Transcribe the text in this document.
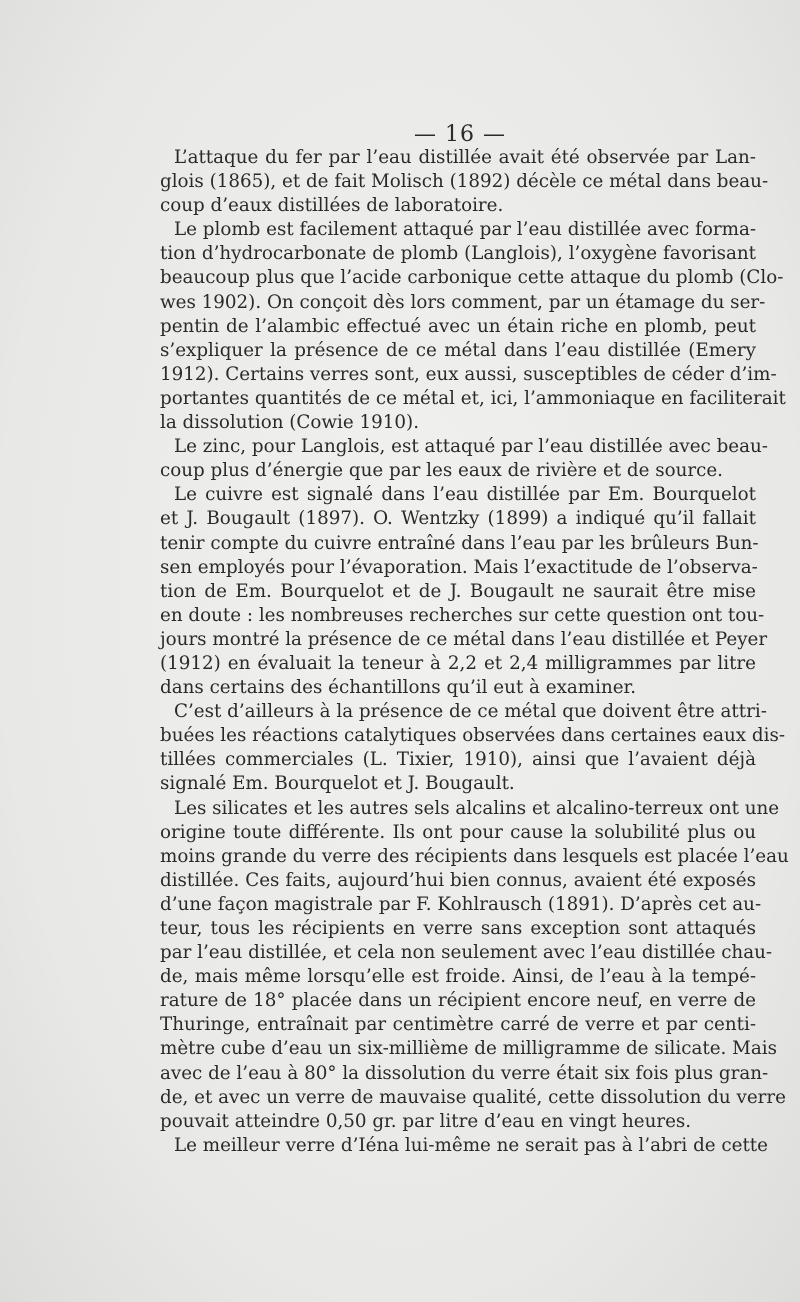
— 16 —

L’attaque du fer par l’eau distillée avait été observée par Lan-
glois (1865), et de fait Molisch (1892) décèle ce métal dans beau-
coup d’eaux distillées de laboratoire.

Le plomb est facilement attaqué par l’eau distillée avec forma-
tion d’hydrocarbonate de plomb (Langlois), l’oxygène favorisant
beaucoup plus que l’acide carbonique cette attaque du plomb (Clo-
wes 1902). On conçoit dès lors comment, par un étamage du ser-
pentin de l’alambic effectué avec un étain riche en plomb, peut
s’expliquer la présence de ce métal dans l’eau distillée (Emery
1912). Certains verres sont, eux aussi, susceptibles de céder d’im-
portantes quantités de ce métal et, ici, l’ammoniaque en faciliterait
la dissolution (Cowie 1910).

Le zinc, pour Langlois, est attaqué par l’eau distillée avec beau-
coup plus d’énergie que par les eaux de rivière et de source.

Le cuivre est signalé dans l’eau distillée par Em. Bourquelot
et J. Bougault (1897). O. Wentzky (1899) a indiqué qu’il fallait
tenir compte du cuivre entraîné dans l’eau par les brûleurs Bun-
sen employés pour l’évaporation. Mais l’exactitude de l’observa-
tion de Em. Bourquelot et de J. Bougault ne saurait être mise
en doute : les nombreuses recherches sur cette question ont tou-
jours montré la présence de ce métal dans l’eau distillée et Peyer
(1912) en évaluait la teneur à 2,2 et 2,4 milligrammes par litre
dans certains des échantillons qu’il eut à examiner.

C’est d’ailleurs à la présence de ce métal que doivent être attri-
buées les réactions catalytiques observées dans certaines eaux dis-
tillées commerciales (L. Tixier, 1910), ainsi que l’avaient déjà
signalé Em. Bourquelot et J. Bougault.

Les silicates et les autres sels alcalins et alcalino-terreux ont une
origine toute différente. Ils ont pour cause la solubilité plus ou
moins grande du verre des récipients dans lesquels est placée l’eau
distillée. Ces faits, aujourd’hui bien connus, avaient été exposés
d’une façon magistrale par F. Kohlrausch (1891). D’après cet au-
teur, tous les récipients en verre sans exception sont attaqués
par l’eau distillée, et cela non seulement avec l’eau distillée chau-
de, mais même lorsqu’elle est froide. Ainsi, de l’eau à la tempé-
rature de 18° placée dans un récipient encore neuf, en verre de
Thuringe, entraînait par centimètre carré de verre et par centi-
mètre cube d’eau un six-millième de milligramme de silicate. Mais
avec de l’eau à 80° la dissolution du verre était six fois plus gran-
de, et avec un verre de mauvaise qualité, cette dissolution du verre
pouvait atteindre 0,50 gr. par litre d’eau en vingt heures.

Le meilleur verre d’Iéna lui-même ne serait pas à l’abri de cette
